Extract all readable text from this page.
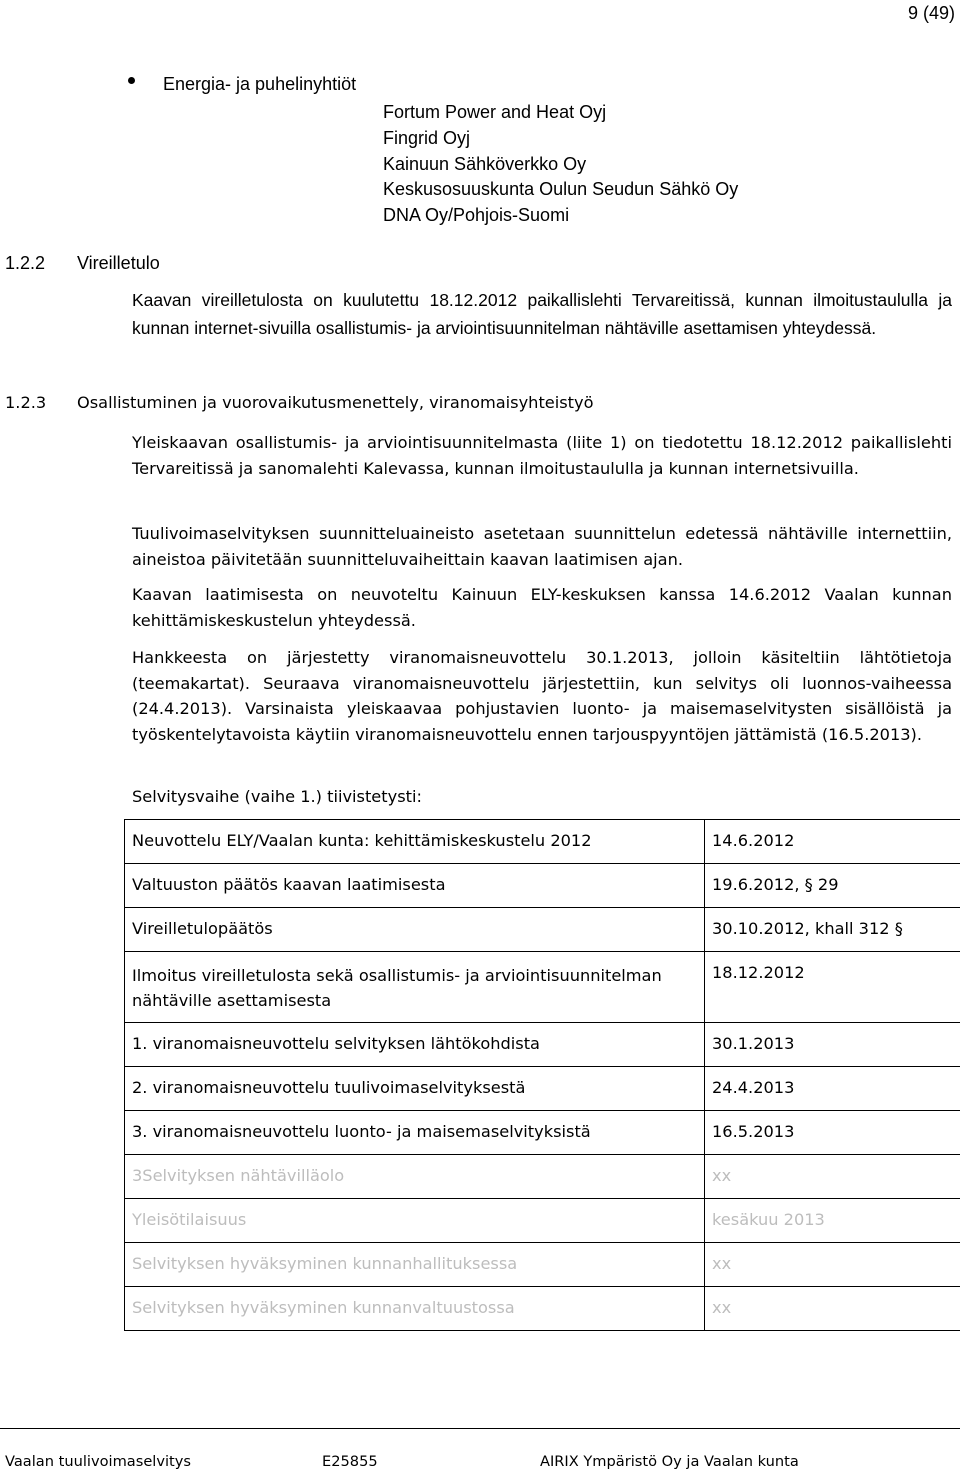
9 (49)
Energia- ja puhelinyhtiöt
Fortum Power and Heat Oyj
Fingrid Oyj
Kainuun Sähköverkko Oy
Keskusosuuskunta Oulun Seudun Sähkö Oy
DNA Oy/Pohjois-Suomi
1.2.2 Vireilletulo
Kaavan vireilletulosta on kuulutettu 18.12.2012 paikallislehti Tervareitissä, kunnan ilmoitustaululla ja kunnan internet-sivuilla osallistumis- ja arviointisuunnitelman nähtäville asettamisen yhteydessä.
1.2.3 Osallistuminen ja vuorovaikutusmenettely, viranomaisyhteistyö
Yleiskaavan osallistumis- ja arviointisuunnitelmasta (liite 1) on tiedotettu 18.12.2012 paikallislehti Tervareitissä ja sanomalehti Kalevassa, kunnan ilmoitustaululla ja kunnan internetsivuilla.
Tuulivoimaselvityksen suunnitteluaineisto asetetaan suunnittelun edetessä nähtäville internettiin, aineistoa päivitetään suunnitteluvaiheittain kaavan laatimisen ajan.
Kaavan laatimisesta on neuvoteltu Kainuun ELY-keskuksen kanssa 14.6.2012 Vaalan kunnan kehittämiskeskustelun yhteydessä.
Hankkeesta on järjestetty viranomaisneuvottelu 30.1.2013, jolloin käsiteltiin lähtötietoja (teemakartat). Seuraava viranomaisneuvottelu järjestettiin, kun selvitys oli luonnos-vaiheessa (24.4.2013). Varsinaista yleiskaavaa pohjustavien luonto- ja maisemaselvitysten sisällöistä ja työskentelytavoista käytiin viranomaisneuvottelu ennen tarjouspyyntöjen jättämistä (16.5.2013).
Selvitysvaihe (vaihe 1.) tiivistetysti:
Neuvottelu ELY/Vaalan kunta: kehittämiskeskustelu 2012	14.6.2012
Valtuuston päätös kaavan laatimisesta	19.6.2012, § 29
Vireilletulopäätös	30.10.2012, khall 312 §
Ilmoitus vireilletulosta sekä osallistumis- ja arviointisuunnitelman nähtäville asettamisesta	18.12.2012
1. viranomaisneuvottelu selvityksen lähtökohdista	30.1.2013
2. viranomaisneuvottelu tuulivoimaselvityksestä	24.4.2013
3. viranomaisneuvottelu luonto- ja maisemaselvityksistä	16.5.2013
3Selvityksen nähtävilläolo	xx
Yleisötilaisuus	kesäkuu 2013
Selvityksen hyväksyminen kunnanhallituksessa	xx
Selvityksen hyväksyminen kunnanvaltuustossa	xx
Vaalan tuulivoimaselvitys	E25855	AIRIX Ympäristö Oy ja Vaalan kunta
